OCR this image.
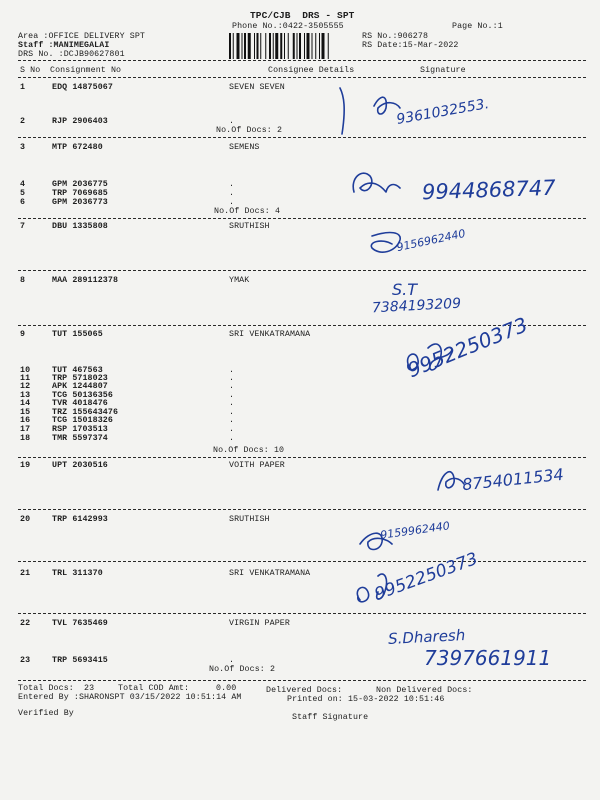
TPC/CJB  DRS - SPT
Phone No.:0422-3505555	Page No.:1
Area :OFFICE DELIVERY SPT
Staff :MANIMEGALAI
DRS No. :DCJB90627801
RS No.:906278
RS Date:15-Mar-2022
S No Consignment No	Consignee Details	Signature
1	EDQ 14875067	SEVEN SEVEN
2	RJP 2906403	.
3	MTP 672480	SEMENS
4	GPM 2036775	.
5	TRP 7069685	.
6	GPM 2036773	.
7	DBU 1335808	SRUTHISH
8	MAA 289112378	YMAK
9	TUT 155065	SRI VENKATRAMANA
10	TUT 467563	.
11	TRP 5718023	.
12	APK 1244807	.
13	TCG 50136356	.
14	TVR 4018476	.
15	TRZ 155643476	.
16	TCG 15018326	.
17	RSP 1703513	.
18	TMR 5597374	.
19	UPT 2030516	VOITH PAPER
20	TRP 6142993	SRUTHISH
21	TRL 311370	SRI VENKATRAMANA
22	TVL 7635469	VIRGIN PAPER
23	TRP 5693415	.
No.Of Docs: 2
No.Of Docs: 4
No.Of Docs: 10
No.Of Docs: 2
9361032553.
9944868747
9156962440
S.T
7384193209
9952250373
8754011534
9159962440
9952250373
S.Dharesh
7397661911
Total Docs:  23	Total COD Amt:	0.00	Delivered Docs:	Non Delivered Docs:
Entered By :SHARONSPT 03/15/2022 10:51:14 AM	Printed on: 15-03-2022 10:51:46
Verified By	Staff Signature
